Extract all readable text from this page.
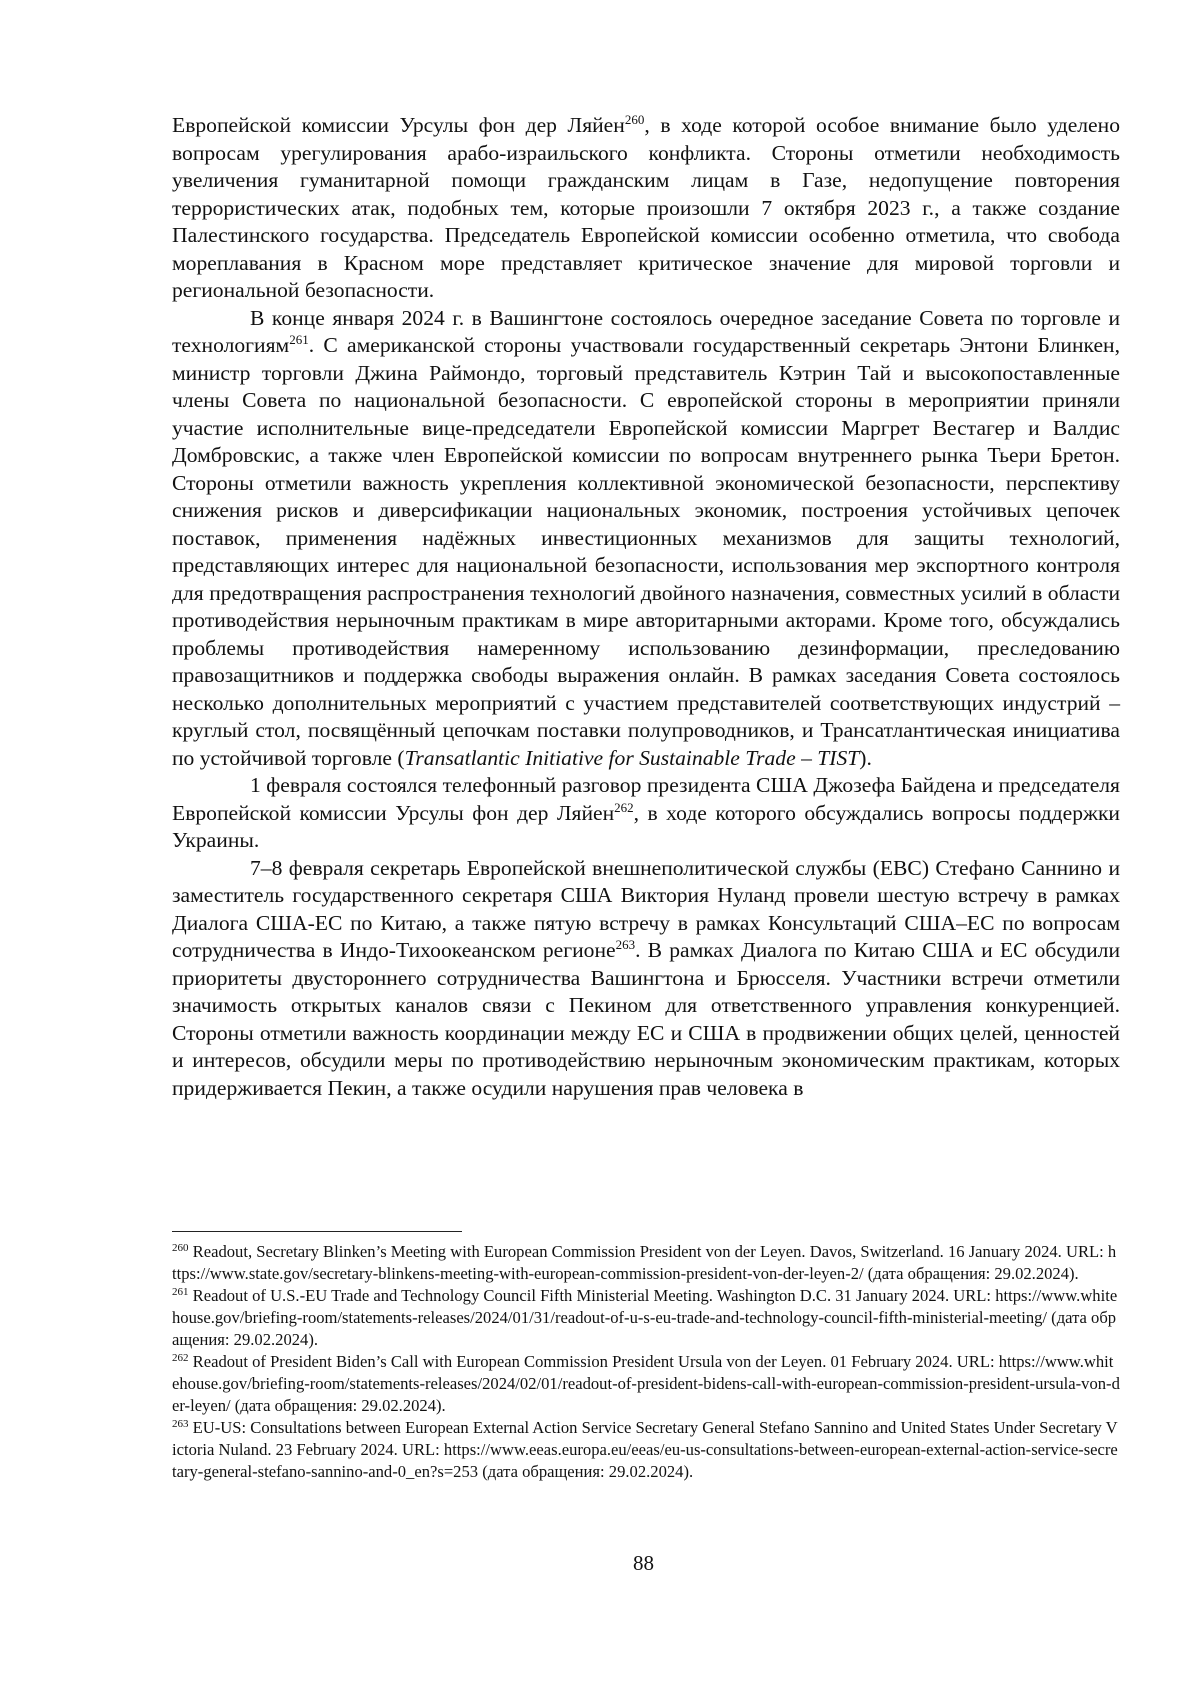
Европейской комиссии Урсулы фон дер Ляйен$^{260}$, в ходе которой особое внимание было уделено вопросам урегулирования арабо-израильского конфликта. Стороны отметили необходимость увеличения гуманитарной помощи гражданским лицам в Газе, недопущение повторения террористических атак, подобных тем, которые произошли 7 октября 2023 г., а также создание Палестинского государства. Председатель Европейской комиссии особенно отметила, что свобода мореплавания в Красном море представляет критическое значение для мировой торговли и региональной безопасности.

В конце января 2024 г. в Вашингтоне состоялось очередное заседание Совета по торговле и технологиям$^{261}$. С американской стороны участвовали государственный секретарь Энтони Блинкен, министр торговли Джина Раймондо, торговый представитель Кэтрин Тай и высокопоставленные члены Совета по национальной безопасности. С европейской стороны в мероприятии приняли участие исполнительные вице-председатели Европейской комиссии Маргрет Вестагер и Валдис Домбровскис, а также член Европейской комиссии по вопросам внутреннего рынка Тьери Бретон. Стороны отметили важность укрепления коллективной экономической безопасности, перспективу снижения рисков и диверсификации национальных экономик, построения устойчивых цепочек поставок, применения надёжных инвестиционных механизмов для защиты технологий, представляющих интерес для национальной безопасности, использования мер экспортного контроля для предотвращения распространения технологий двойного назначения, совместных усилий в области противодействия нерыночным практикам в мире авторитарными акторами. Кроме того, обсуждались проблемы противодействия намеренному использованию дезинформации, преследованию правозащитников и поддержка свободы выражения онлайн. В рамках заседания Совета состоялось несколько дополнительных мероприятий с участием представителей соответствующих индустрий – круглый стол, посвящённый цепочкам поставки полупроводников, и Трансатлантическая инициатива по устойчивой торговле (Transatlantic Initiative for Sustainable Trade – TIST).

1 февраля состоялся телефонный разговор президента США Джозефа Байдена и председателя Европейской комиссии Урсулы фон дер Ляйен$^{262}$, в ходе которого обсуждались вопросы поддержки Украины.

7–8 февраля секретарь Европейской внешнеполитической службы (ЕВС) Стефано Саннино и заместитель государственного секретаря США Виктория Нуланд провели шестую встречу в рамках Диалога США-ЕС по Китаю, а также пятую встречу в рамках Консультаций США–ЕС по вопросам сотрудничества в Индо-Тихоокеанском регионе$^{263}$. В рамках Диалога по Китаю США и ЕС обсудили приоритеты двустороннего сотрудничества Вашингтона и Брюсселя. Участники встречи отметили значимость открытых каналов связи с Пекином для ответственного управления конкуренцией. Стороны отметили важность координации между ЕС и США в продвижении общих целей, ценностей и интересов, обсудили меры по противодействию нерыночным экономическим практикам, которых придерживается Пекин, а также осудили нарушения прав человека в

$^{260}$ Readout, Secretary Blinken’s Meeting with European Commission President von der Leyen. Davos, Switzerland. 16 January 2024. URL: https://www.state.gov/secretary-blinkens-meeting-with-european-commission-president-von-der-leyen-2/ (дата обращения: 29.02.2024).

$^{261}$ Readout of U.S.-EU Trade and Technology Council Fifth Ministerial Meeting. Washington D.C. 31 January 2024. URL: https://www.whitehouse.gov/briefing-room/statements-releases/2024/01/31/readout-of-u-s-eu-trade-and-technology-council-fifth-ministerial-meeting/ (дата обращения: 29.02.2024).

$^{262}$ Readout of President Biden’s Call with European Commission President Ursula von der Leyen. 01 February 2024. URL: https://www.whitehouse.gov/briefing-room/statements-releases/2024/02/01/readout-of-president-bidens-call-with-european-commission-president-ursula-von-der-leyen/ (дата обращения: 29.02.2024).

$^{263}$ EU-US: Consultations between European External Action Service Secretary General Stefano Sannino and United States Under Secretary Victoria Nuland. 23 February 2024. URL: https://www.eeas.europa.eu/eeas/eu-us-consultations-between-european-external-action-service-secretary-general-stefano-sannino-and-0_en?s=253 (дата обращения: 29.02.2024).

88
